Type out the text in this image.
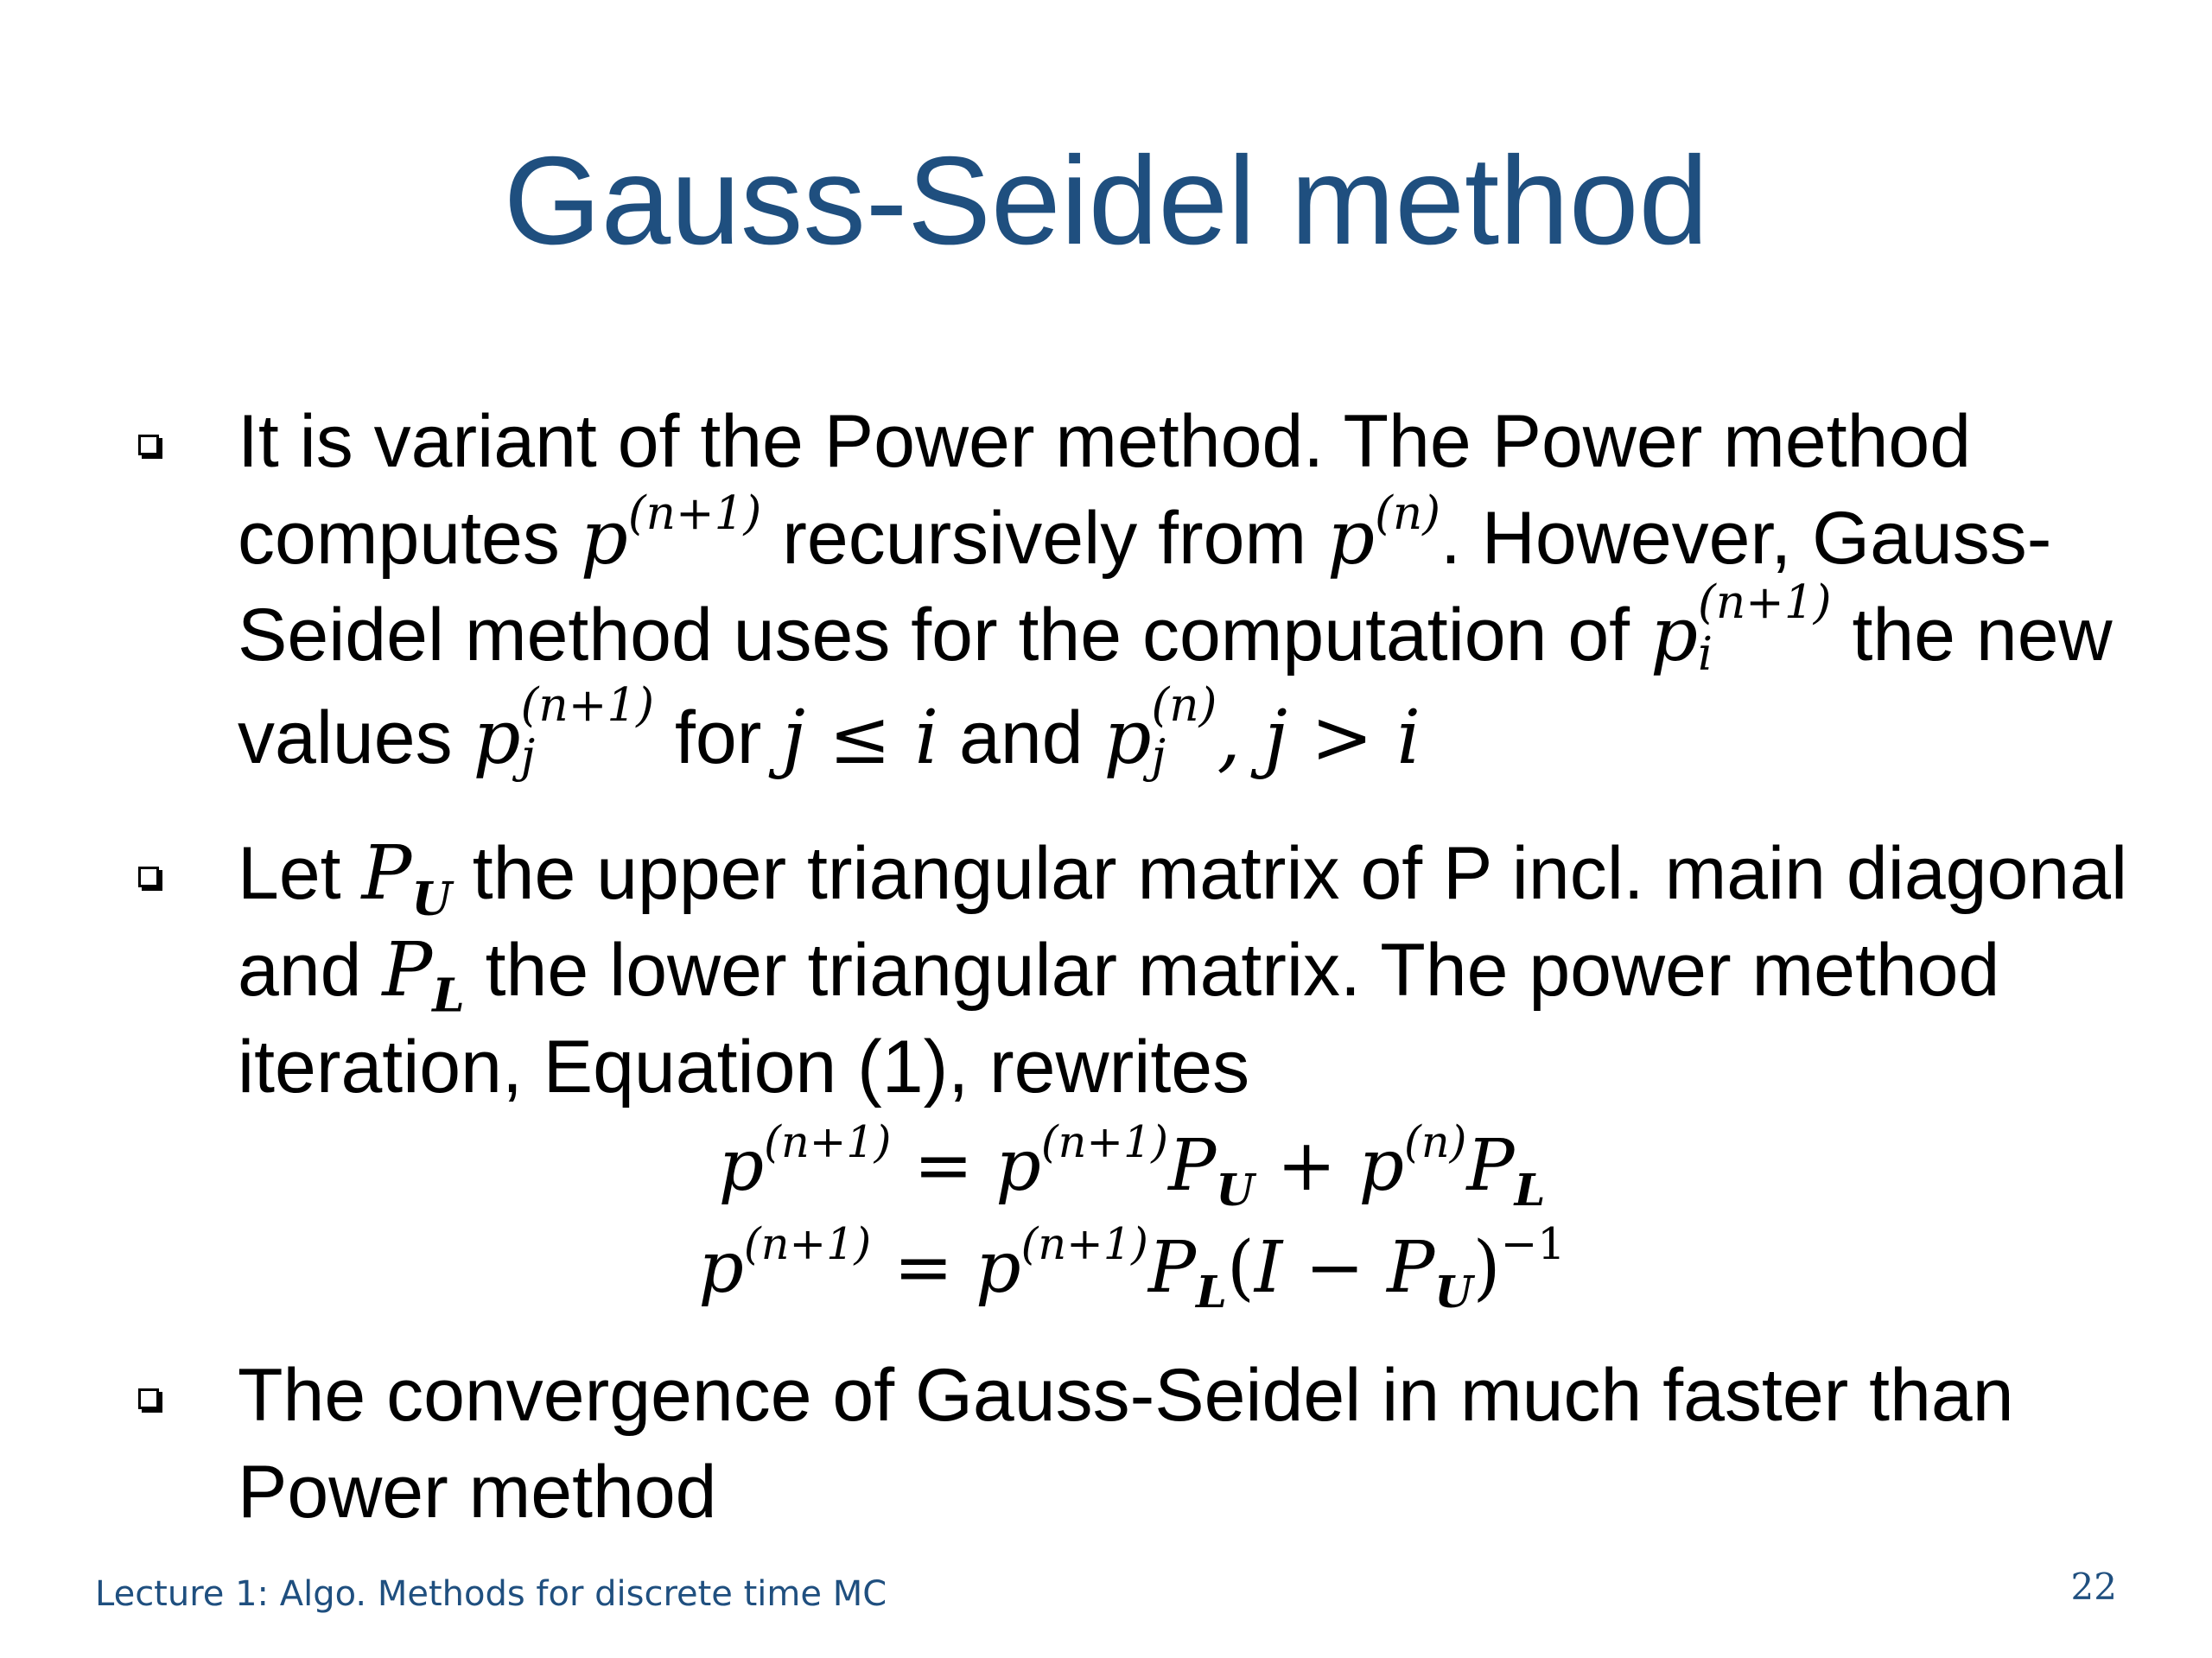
Gauss-Seidel method
It is variant of the Power method. The Power method computes $p^{(n+1)}$ recursively from $p^{(n)}$. However, Gauss-Seidel method uses for the computation of p (n+1)
i	the new values p (n+1)
j	for j ≤ i and p (n)
j , j > i
Let $P_U$ the upper triangular matrix of P incl. main diagonal and $P_L$ the lower triangular matrix. The power method iteration, Equation (1), rewrites
$p^{(n+1)} = p^{(n+1)}P_U + p^{(n)}P_L$
$p^{(n+1)} = p^{(n+1)}P_L(I - P_U)^{-1}$
The convergence of Gauss-Seidel in much faster than Power method
Lecture 1: Algo. Methods for discrete time MC	22
